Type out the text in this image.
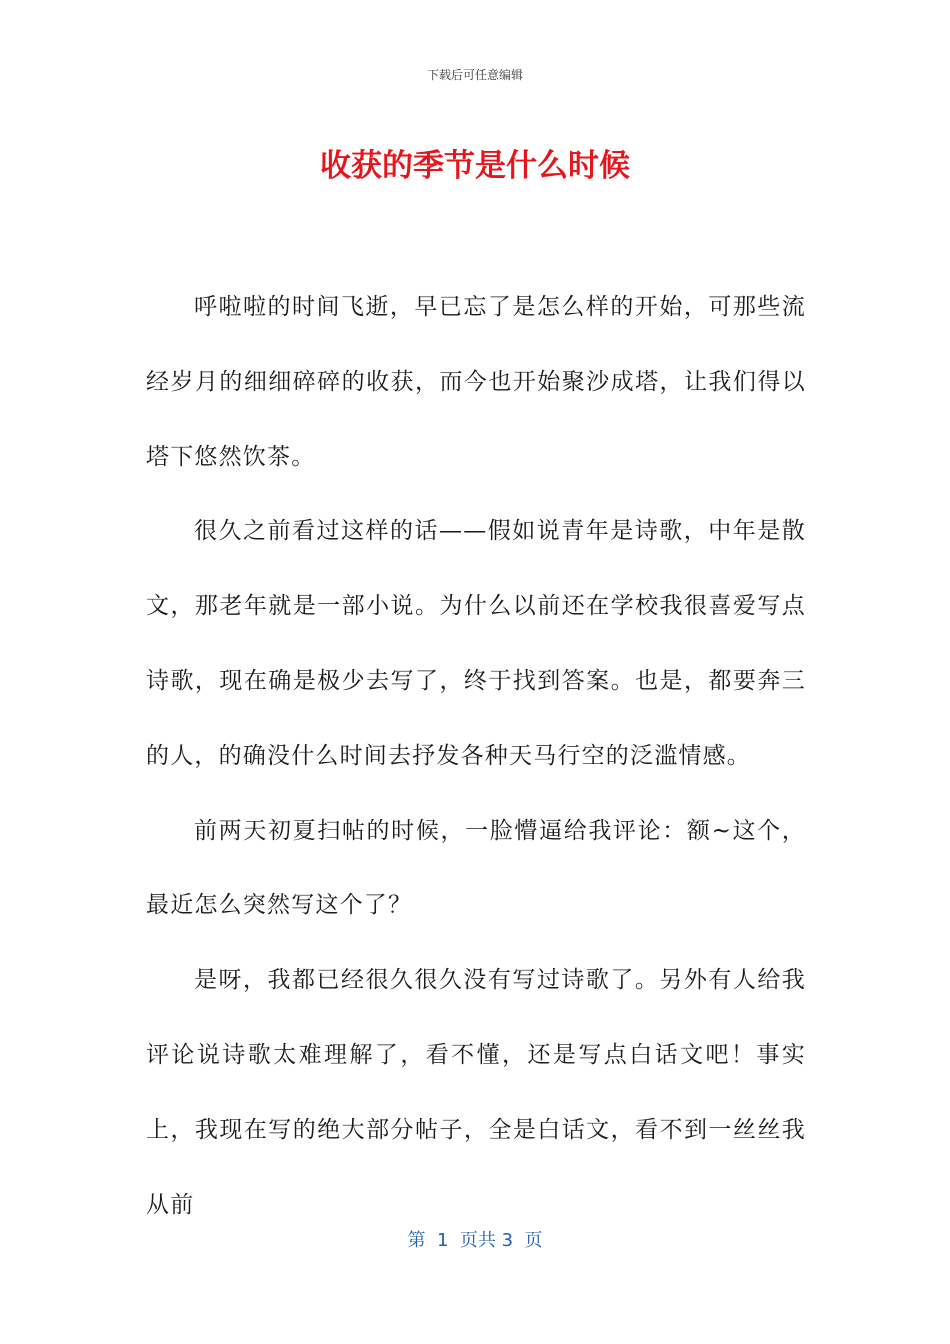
下载后可任意编辑
收获的季节是什么时候

呼啦啦的时间飞逝，早已忘了是怎么样的开始，可那些流经岁月的细细碎碎的收获，而今也开始聚沙成塔，让我们得以塔下悠然饮茶。

很久之前看过这样的话——假如说青年是诗歌，中年是散文，那老年就是一部小说。为什么以前还在学校我很喜爱写点诗歌，现在确是极少去写了，终于找到答案。也是，都要奔三的人，的确没什么时间去抒发各种天马行空的泛滥情感。

前两天初夏扫帖的时候，一脸懵逼给我评论：额~这个，最近怎么突然写这个了？

是呀，我都已经很久很久没有写过诗歌了。另外有人给我评论说诗歌太难理解了，看不懂，还是写点白话文吧！事实上，我现在写的绝大部分帖子，全是白话文，看不到一丝丝我从前

第  1  页共 3  页
